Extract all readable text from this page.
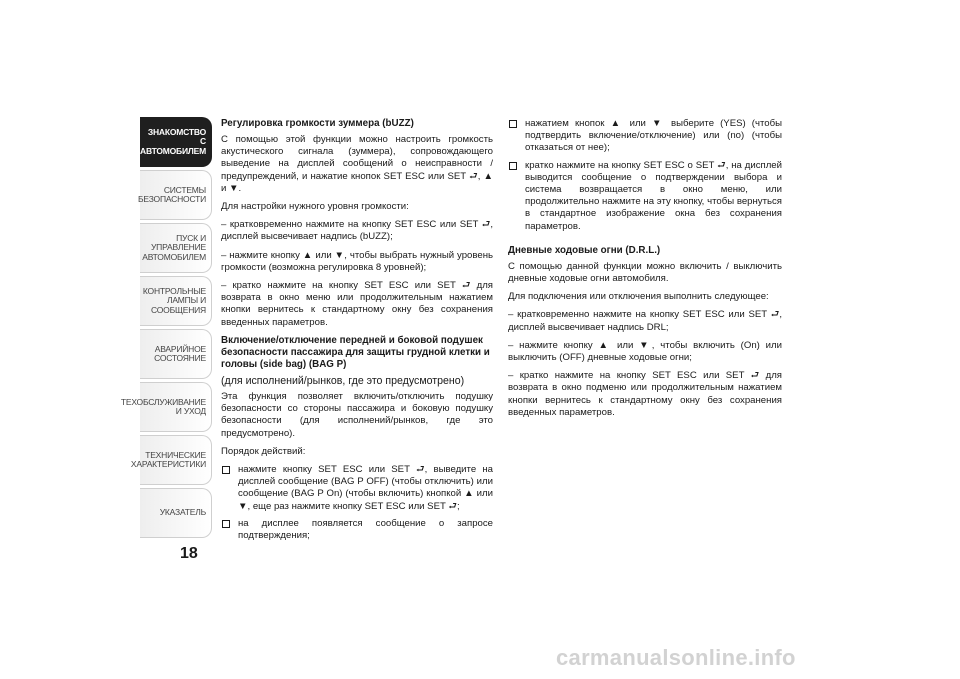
ЗНАКОМСТВО С
АВТОМОБИЛЕМ
СИСТЕМЫ
БЕЗОПАСНОСТИ
ПУСК И УПРАВЛЕНИЕ
АВТОМОБИЛЕМ
КОНТРОЛЬНЫЕ
ЛАМПЫ И
СООБЩЕНИЯ
АВАРИЙНОЕ
СОСТОЯНИЕ
ТЕХОБСЛУЖИВАНИЕ
И УХОД
ТЕХНИЧЕСКИЕ
ХАРАКТЕРИСТИКИ
УКАЗАТЕЛЬ
18
Регулировка громкости зуммера (bUZZ)

С помощью этой функции можно настроить громкость акустического сигнала (зуммера), сопровождающего выведение на дисплей сообщений о неисправности / предупреждений, и нажатие кнопок SET ESC или SET ⮐, ▲ и ▼.

Для настройки нужного уровня громкости:

– кратковременно нажмите на кнопку SET ESC или SET ⮐, дисплей высвечивает надпись (bUZZ);

– нажмите кнопку ▲ или ▼, чтобы выбрать нужный уровень громкости (возможна регулировка 8 уровней);

– кратко нажмите на кнопку SET ESC или SET ⮐ для возврата в окно меню или продолжительным нажатием кнопки вернитесь к стандартному окну без сохранения введенных параметров.

Включение/отключение передней и боковой подушек безопасности пассажира для защиты грудной клетки и головы (side bag) (BAG P)
(для исполнений/рынков, где это предусмотрено)

Эта функция позволяет включить/отключить подушку безопасности со стороны пассажира и боковую подушку безопасности (для исполнений/рынков, где это предусмотрено).

Порядок действий:

нажмите кнопку SET ESC или SET ⮐, выведите на дисплей сообщение (BAG P OFF) (чтобы отключить) или сообщение (BAG P On) (чтобы включить) кнопкой ▲ или ▼, еще раз нажмите кнопку SET ESC или SET ⮐;
на дисплее появляется сообщение о запросе подтверждения;
нажатием кнопок ▲ или ▼ выберите (YES) (чтобы подтвердить включение/отключение) или (no) (чтобы отказаться от нее);
кратко нажмите на кнопку SET ESC о SET ⮐, на дисплей выводится сообщение о подтверждении выбора и система возвращается в окно меню, или продолжительно нажмите на эту кнопку, чтобы вернуться в стандартное изображение окна без сохранения параметров.
Дневные ходовые огни (D.R.L.)

С помощью данной функции можно включить / выключить дневные ходовые огни автомобиля.

Для подключения или отключения выполнить следующее:

– кратковременно нажмите на кнопку SET ESC или SET ⮐, дисплей высвечивает надпись DRL;

– нажмите кнопку ▲ или ▼, чтобы включить (On) или выключить (OFF) дневные ходовые огни;

– кратко нажмите на кнопку SET ESC или SET ⮐ для возврата в окно подменю или продолжительным нажатием кнопки вернитесь к стандартному окну без сохранения введенных параметров.

carmanualsonline.info
